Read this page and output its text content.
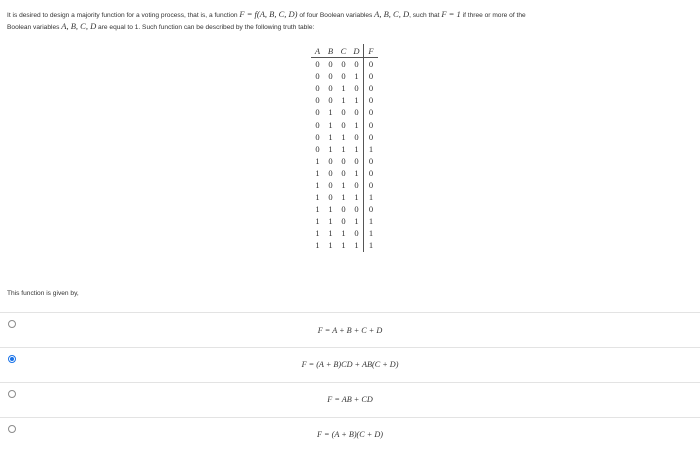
It is desired to design a majority function for a voting process, that is, a function F = f(A, B, C, D) of four Boolean variables A, B, C, D, such that F = 1 if three or more of the
Boolean variables A, B, C, D are equal to 1. Such function can be described by the following truth table:
A	B	C	D	F
0	0	0	0	0
0	0	0	1	0
0	0	1	0	0
0	0	1	1	0
0	1	0	0	0
0	1	0	1	0
0	1	1	0	0
0	1	1	1	1
1	0	0	0	0
1	0	0	1	0
1	0	1	0	0
1	0	1	1	1
1	1	0	0	0
1	1	0	1	1
1	1	1	0	1
1	1	1	1	1
This function is given by,
F = A + B + C + D
F = (A + B)CD + AB(C + D)
F = AB + CD
F = (A + B)(C + D)
